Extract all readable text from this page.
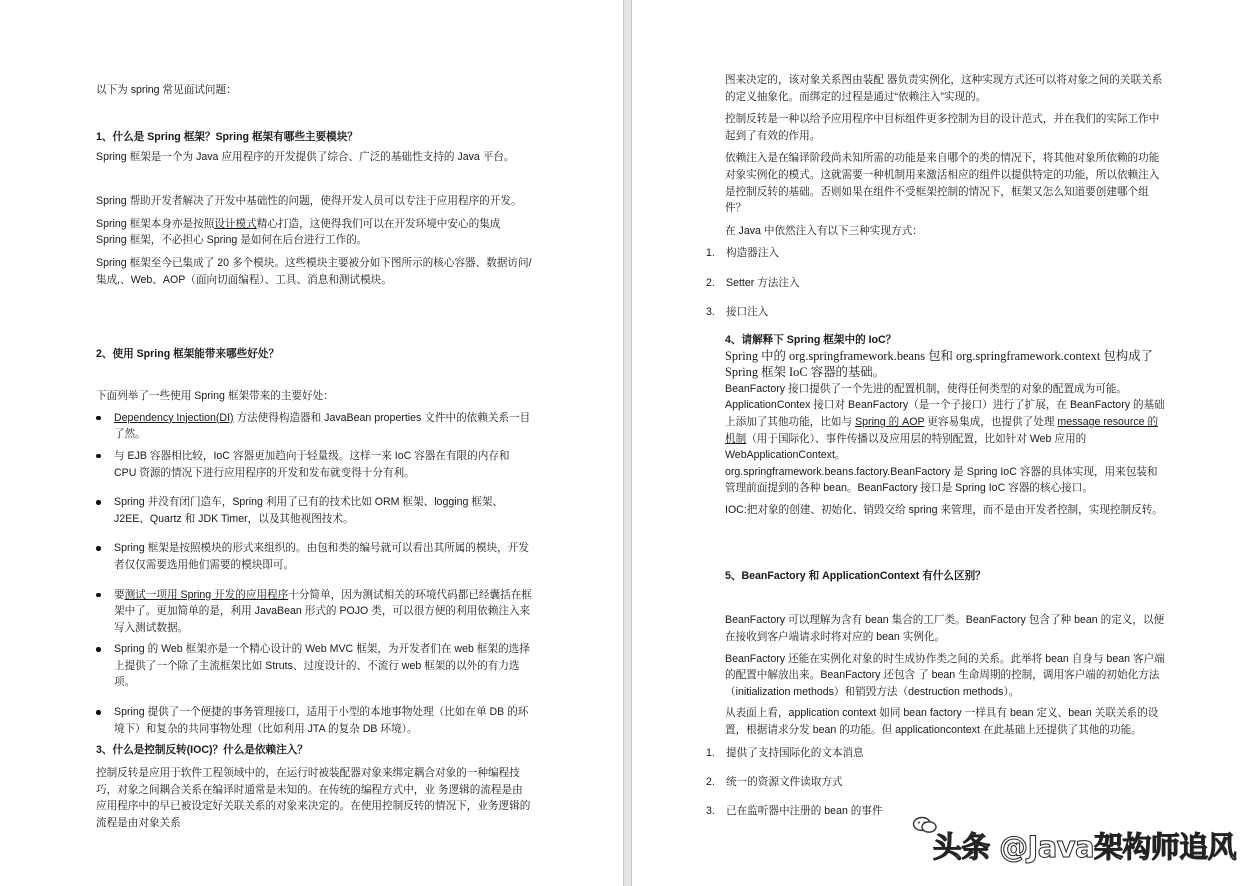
以下为 spring 常见面试问题：

1、什么是 Spring 框架？Spring 框架有哪些主要模块？

Spring 框架是一个为 Java 应用程序的开发提供了综合、广泛的基础性支持的 Java 平台。

Spring 帮助开发者解决了开发中基础性的问题，使得开发人员可以专注于应用程序的开发。

Spring 框架本身亦是按照设计模式精心打造，这使得我们可以在开发环境中安心的集成 Spring 框架，不必担心 Spring 是如何在后台进行工作的。

Spring 框架至今已集成了 20 多个模块。这些模块主要被分如下图所示的核心容器、数据访问/集成,、Web、AOP（面向切面编程）、工具、消息和测试模块。

2、使用 Spring 框架能带来哪些好处？

下面列举了一些使用 Spring 框架带来的主要好处：

Dependency Injection(DI) 方法使得构造器和 JavaBean properties 文件中的依赖关系一目了然。
与 EJB 容器相比较，IoC 容器更加趋向于轻量级。这样一来 IoC 容器在有限的内存和 CPU 资源的情况下进行应用程序的开发和发布就变得十分有利。
Spring 并没有闭门造车，Spring 利用了已有的技术比如 ORM 框架、logging 框架、J2EE、Quartz 和 JDK Timer，以及其他视图技术。
Spring 框架是按照模块的形式来组织的。由包和类的编号就可以看出其所属的模块，开发者仅仅需要选用他们需要的模块即可。
要测试一项用 Spring 开发的应用程序十分简单，因为测试相关的环境代码都已经囊括在框架中了。更加简单的是，利用 JavaBean 形式的 POJO 类，可以很方便的利用依赖注入来写入测试数据。
Spring 的 Web 框架亦是一个精心设计的 Web MVC 框架，为开发者们在 web 框架的选择上提供了一个除了主流框架比如 Struts、过度设计的、不流行 web 框架的以外的有力选项。
Spring 提供了一个便捷的事务管理接口，适用于小型的本地事物处理（比如在单 DB 的环境下）和复杂的共同事物处理（比如利用 JTA 的复杂 DB 环境）。
3、什么是控制反转(IOC)？什么是依赖注入？

控制反转是应用于软件工程领域中的，在运行时被装配器对象来绑定耦合对象的一种编程技巧，对象之间耦合关系在编译时通常是未知的。在传统的编程方式中，业 务逻辑的流程是由应用程序中的早已被设定好关联关系的对象来决定的。在使用控制反转的情况下，业务逻辑的流程是由对象关系

图来决定的，该对象关系图由装配 器负责实例化，这种实现方式还可以将对象之间的关联关系的定义抽象化。而绑定的过程是通过“依赖注入”实现的。

控制反转是一种以给予应用程序中目标组件更多控制为目的设计范式，并在我们的实际工作中起到了有效的作用。

依赖注入是在编译阶段尚未知所需的功能是来自哪个的类的情况下，将其他对象所依赖的功能对象实例化的模式。这就需要一种机制用来激活相应的组件以提供特定的功能，所以依赖注入是控制反转的基础。否则如果在组件不受框架控制的情况下，框架又怎么知道要创建哪个组件？

在 Java 中依然注入有以下三种实现方式：

1.	构造器注入
2.	Setter 方法注入
3.	接口注入
4、请解释下 Spring 框架中的 IoC？

Spring 中的 org.springframework.beans 包和 org.springframework.context 包构成了 Spring 框架 IoC 容器的基础。

BeanFactory 接口提供了一个先进的配置机制，使得任何类型的对象的配置成为可能。

ApplicationContex 接口对 BeanFactory（是一个子接口）进行了扩展，在 BeanFactory 的基础上添加了其他功能，比如与 Spring 的 AOP 更容易集成，也提供了处理 message resource 的机制（用于国际化）、事件传播以及应用层的特别配置，比如针对 Web 应用的 WebApplicationContext。

org.springframework.beans.factory.BeanFactory 是 Spring IoC 容器的具体实现，用来包装和管理前面提到的各种 bean。BeanFactory 接口是 Spring IoC 容器的核心接口。

IOC:把对象的创建、初始化、销毁交给 spring 来管理，而不是由开发者控制，实现控制反转。

5、BeanFactory 和 ApplicationContext 有什么区别？

BeanFactory 可以理解为含有 bean 集合的工厂类。BeanFactory 包含了种 bean 的定义，以便在接收到客户端请求时将对应的 bean 实例化。

BeanFactory 还能在实例化对象的时生成协作类之间的关系。此举将 bean 自身与 bean 客户端的配置中解放出来。BeanFactory 还包含 了 bean 生命周期的控制，调用客户端的初始化方法（initialization methods）和销毁方法（destruction methods）。

从表面上看，application context 如同 bean factory 一样具有 bean 定义、bean 关联关系的设置，根据请求分发 bean 的功能。但 applicationcontext 在此基础上还提供了其他的功能。

1.	提供了支持国际化的文本消息
2.	统一的资源文件读取方式
3.	已在监听器中注册的 bean 的事件
头条 @Java架构师追风
